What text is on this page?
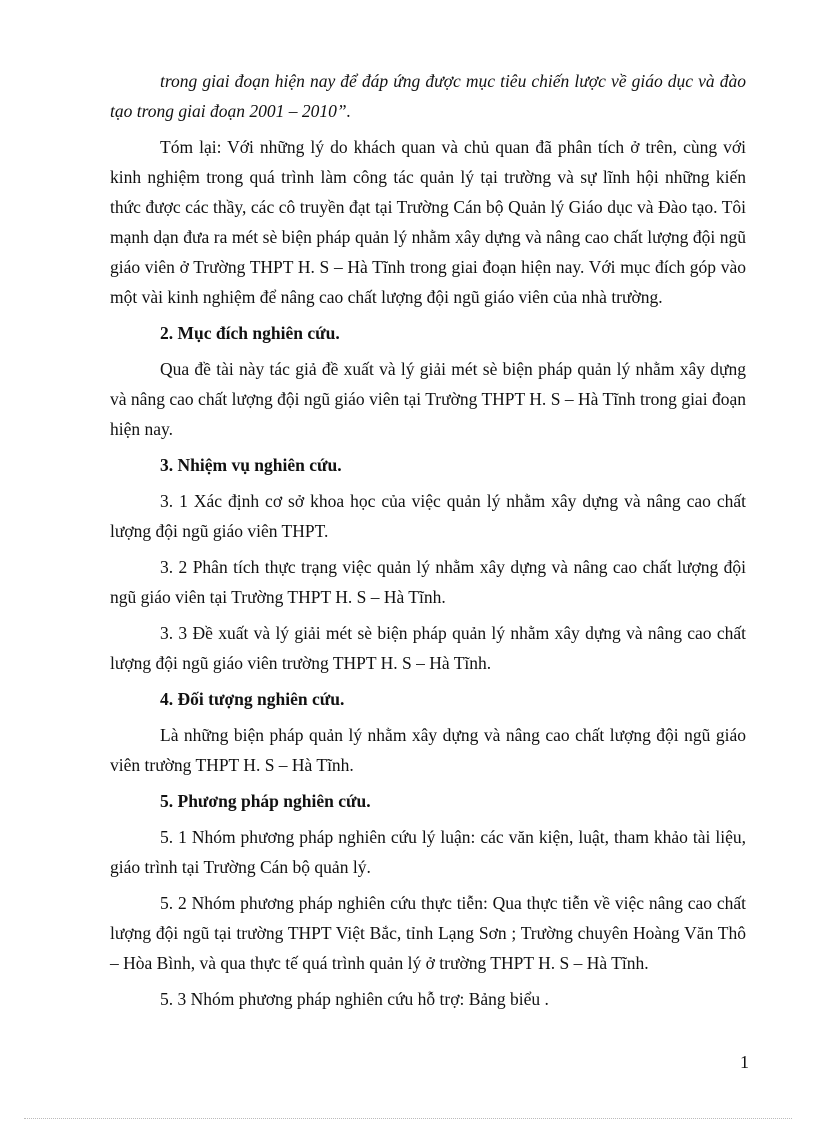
trong giai đoạn hiện nay để đáp ứng được mục tiêu chiến lược về giáo dục và đào tạo trong giai đoạn 2001 – 2010”.

Tóm lại: Với những lý do khách quan và chủ quan đã phân tích ở trên, cùng với kinh nghiệm trong quá trình làm công tác quản lý tại trường và sự lĩnh hội những kiến thức được các thầy, các cô truyền đạt tại Trường Cán bộ Quản lý Giáo dục và Đào tạo. Tôi mạnh dạn đưa ra mét sè biện pháp quản lý nhằm xây dựng và nâng cao chất lượng đội ngũ giáo viên ở Trường THPT H. S – Hà Tĩnh trong giai đoạn hiện nay. Với mục đích góp vào một vài kinh nghiệm để nâng cao chất lượng đội ngũ giáo viên của nhà trường.

2. Mục đích nghiên cứu.

Qua đề tài này tác giả đề xuất và lý giải mét sè biện pháp quản lý nhằm xây dựng và nâng cao chất lượng đội ngũ giáo viên tại Trường THPT H. S – Hà Tĩnh trong giai đoạn hiện nay.

3. Nhiệm vụ nghiên cứu.

3. 1 Xác định cơ sở khoa học của việc quản lý nhằm xây dựng và nâng cao chất lượng đội ngũ giáo viên THPT.

3. 2 Phân tích thực trạng việc quản lý nhằm xây dựng và nâng cao chất lượng đội ngũ giáo viên tại Trường THPT H. S – Hà Tĩnh.

3. 3 Đề xuất và lý giải mét sè biện pháp quản lý nhằm xây dựng và nâng cao chất lượng đội ngũ giáo viên trường THPT H. S – Hà Tĩnh.

4. Đối tượng nghiên cứu.

Là những biện pháp quản lý nhằm xây dựng và nâng cao chất lượng đội ngũ giáo viên trường THPT H. S – Hà Tĩnh.

5. Phương pháp nghiên cứu.

5. 1 Nhóm phương pháp nghiên cứu lý luận: các văn kiện, luật, tham khảo tài liệu, giáo trình tại Trường Cán bộ quản lý.

5. 2 Nhóm phương pháp nghiên cứu thực tiễn: Qua thực tiễn về việc nâng cao chất lượng đội ngũ tại trường THPT Việt Bắc, tỉnh Lạng Sơn ; Trường chuyên Hoàng Văn Thô – Hòa Bình, và qua thực tế quá trình quản lý ở trường THPT H. S – Hà Tĩnh.

5. 3 Nhóm phương pháp nghiên cứu hỗ trợ: Bảng biểu .

1
